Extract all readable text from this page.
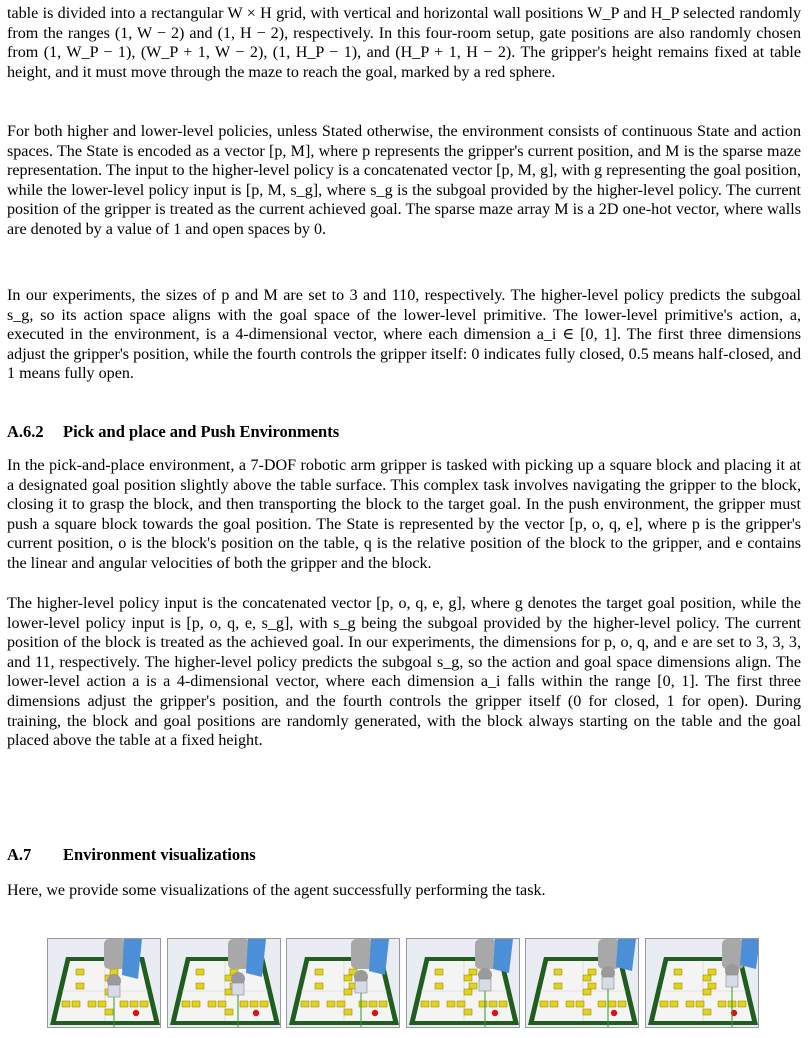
table is divided into a rectangular W × H grid, with vertical and horizontal wall positions W_P and H_P selected randomly from the ranges (1, W − 2) and (1, H − 2), respectively. In this four-room setup, gate positions are also randomly chosen from (1, W_P − 1), (W_P + 1, W − 2), (1, H_P − 1), and (H_P + 1, H − 2). The gripper's height remains fixed at table height, and it must move through the maze to reach the goal, marked by a red sphere.

For both higher and lower-level policies, unless Stated otherwise, the environment consists of continuous State and action spaces. The State is encoded as a vector [p, M], where p represents the gripper's current position, and M is the sparse maze representation. The input to the higher-level policy is a concatenated vector [p, M, g], with g representing the goal position, while the lower-level policy input is [p, M, s_g], where s_g is the subgoal provided by the higher-level policy. The current position of the gripper is treated as the current achieved goal. The sparse maze array M is a 2D one-hot vector, where walls are denoted by a value of 1 and open spaces by 0.

In our experiments, the sizes of p and M are set to 3 and 110, respectively. The higher-level policy predicts the subgoal s_g, so its action space aligns with the goal space of the lower-level primitive. The lower-level primitive's action, a, executed in the environment, is a 4-dimensional vector, where each dimension a_i ∈ [0, 1]. The first three dimensions adjust the gripper's position, while the fourth controls the gripper itself: 0 indicates fully closed, 0.5 means half-closed, and 1 means fully open.

A.6.2 Pick and place and Push Environments

In the pick-and-place environment, a 7-DOF robotic arm gripper is tasked with picking up a square block and placing it at a designated goal position slightly above the table surface. This complex task involves navigating the gripper to the block, closing it to grasp the block, and then transporting the block to the target goal. In the push environment, the gripper must push a square block towards the goal position. The State is represented by the vector [p, o, q, e], where p is the gripper's current position, o is the block's position on the table, q is the relative position of the block to the gripper, and e contains the linear and angular velocities of both the gripper and the block.

The higher-level policy input is the concatenated vector [p, o, q, e, g], where g denotes the target goal position, while the lower-level policy input is [p, o, q, e, s_g], with s_g being the subgoal provided by the higher-level policy. The current position of the block is treated as the achieved goal. In our experiments, the dimensions for p, o, q, and e are set to 3, 3, 3, and 11, respectively. The higher-level policy predicts the subgoal s_g, so the action and goal space dimensions align. The lower-level action a is a 4-dimensional vector, where each dimension a_i falls within the range [0, 1]. The first three dimensions adjust the gripper's position, and the fourth controls the gripper itself (0 for closed, 1 for open). During training, the block and goal positions are randomly generated, with the block always starting on the table and the goal placed above the table at a fixed height.

A.7 Environment visualizations

Here, we provide some visualizations of the agent successfully performing the task.
